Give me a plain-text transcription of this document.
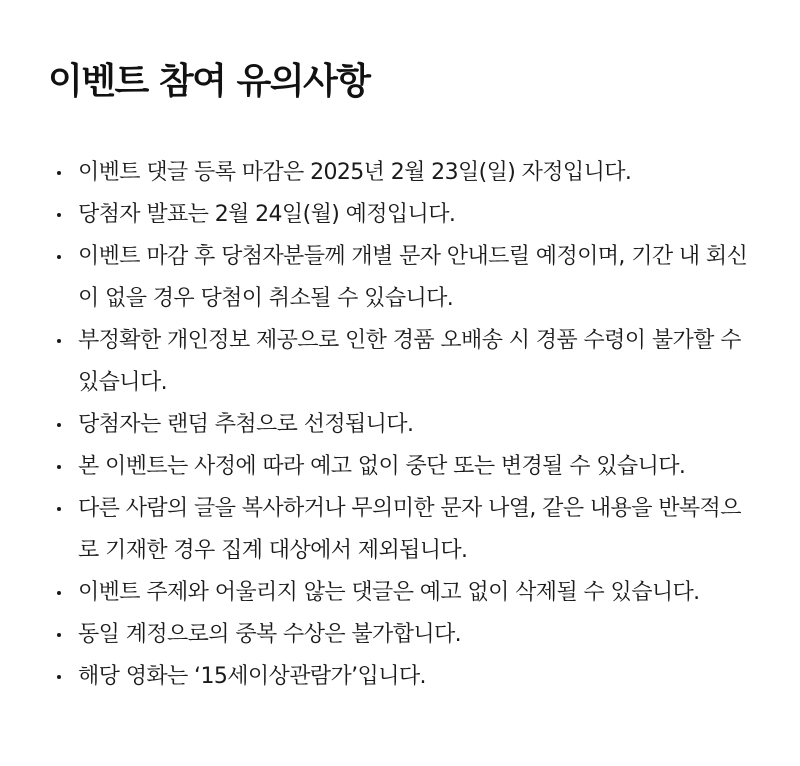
이벤트 참여 유의사항
이벤트 댓글 등록 마감은 2025년 2월 23일(일) 자정입니다.
당첨자 발표는 2월 24일(월) 예정입니다.
이벤트 마감 후 당첨자분들께 개별 문자 안내드릴 예정이며, 기간 내 회신이 없을 경우 당첨이 취소될 수 있습니다.
부정확한 개인정보 제공으로 인한 경품 오배송 시 경품 수령이 불가할 수 있습니다.
당첨자는 랜덤 추첨으로 선정됩니다.
본 이벤트는 사정에 따라 예고 없이 중단 또는 변경될 수 있습니다.
다른 사람의 글을 복사하거나 무의미한 문자 나열, 같은 내용을 반복적으로 기재한 경우 집계 대상에서 제외됩니다.
이벤트 주제와 어울리지 않는 댓글은 예고 없이 삭제될 수 있습니다.
동일 계정으로의 중복 수상은 불가합니다.
해당 영화는 ‘15세이상관람가’입니다.
